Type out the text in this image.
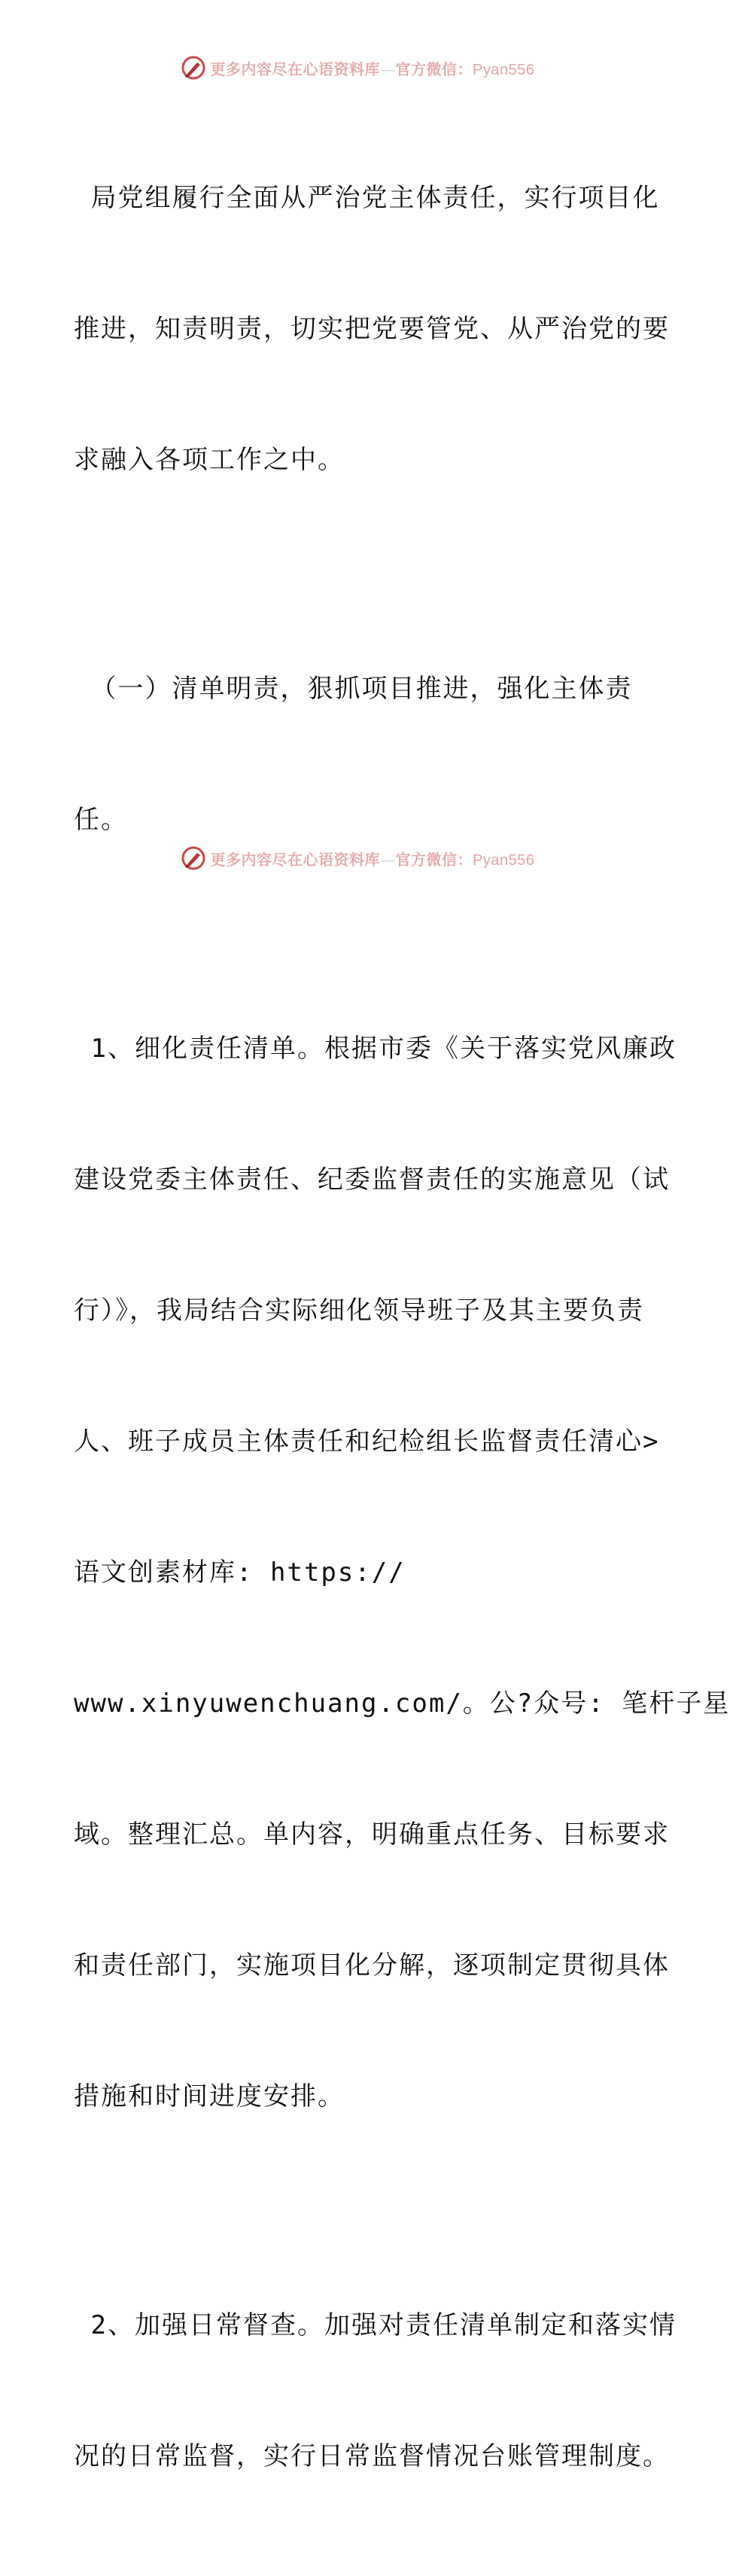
更多内容尽在心语资料库—官方微信：Pyan556

局党组履行全面从严治党主体责任，实行项目化

推进，知责明责，切实把党要管党、从严治党的要

求融入各项工作之中。

（一）清单明责，狠抓项目推进，强化主体责

任。

1、细化责任清单。根据市委《关于落实党风廉政

建设党委主体责任、纪委监督责任的实施意见（试

行）》，我局结合实际细化领导班子及其主要负责

人、班子成员主体责任和纪检组长监督责任清心>

语文创素材库: https://

www.xinyuwenchuang.com/。公?众号: 笔杆子星

域。整理汇总。单内容，明确重点任务、目标要求

和责任部门，实施项目化分解，逐项制定贯彻具体

措施和时间进度安排。

2、加强日常督查。加强对责任清单制定和落实情

况的日常监督，实行日常监督情况台账管理制度。

更多内容尽在心语资料库—官方微信：Pyan556
